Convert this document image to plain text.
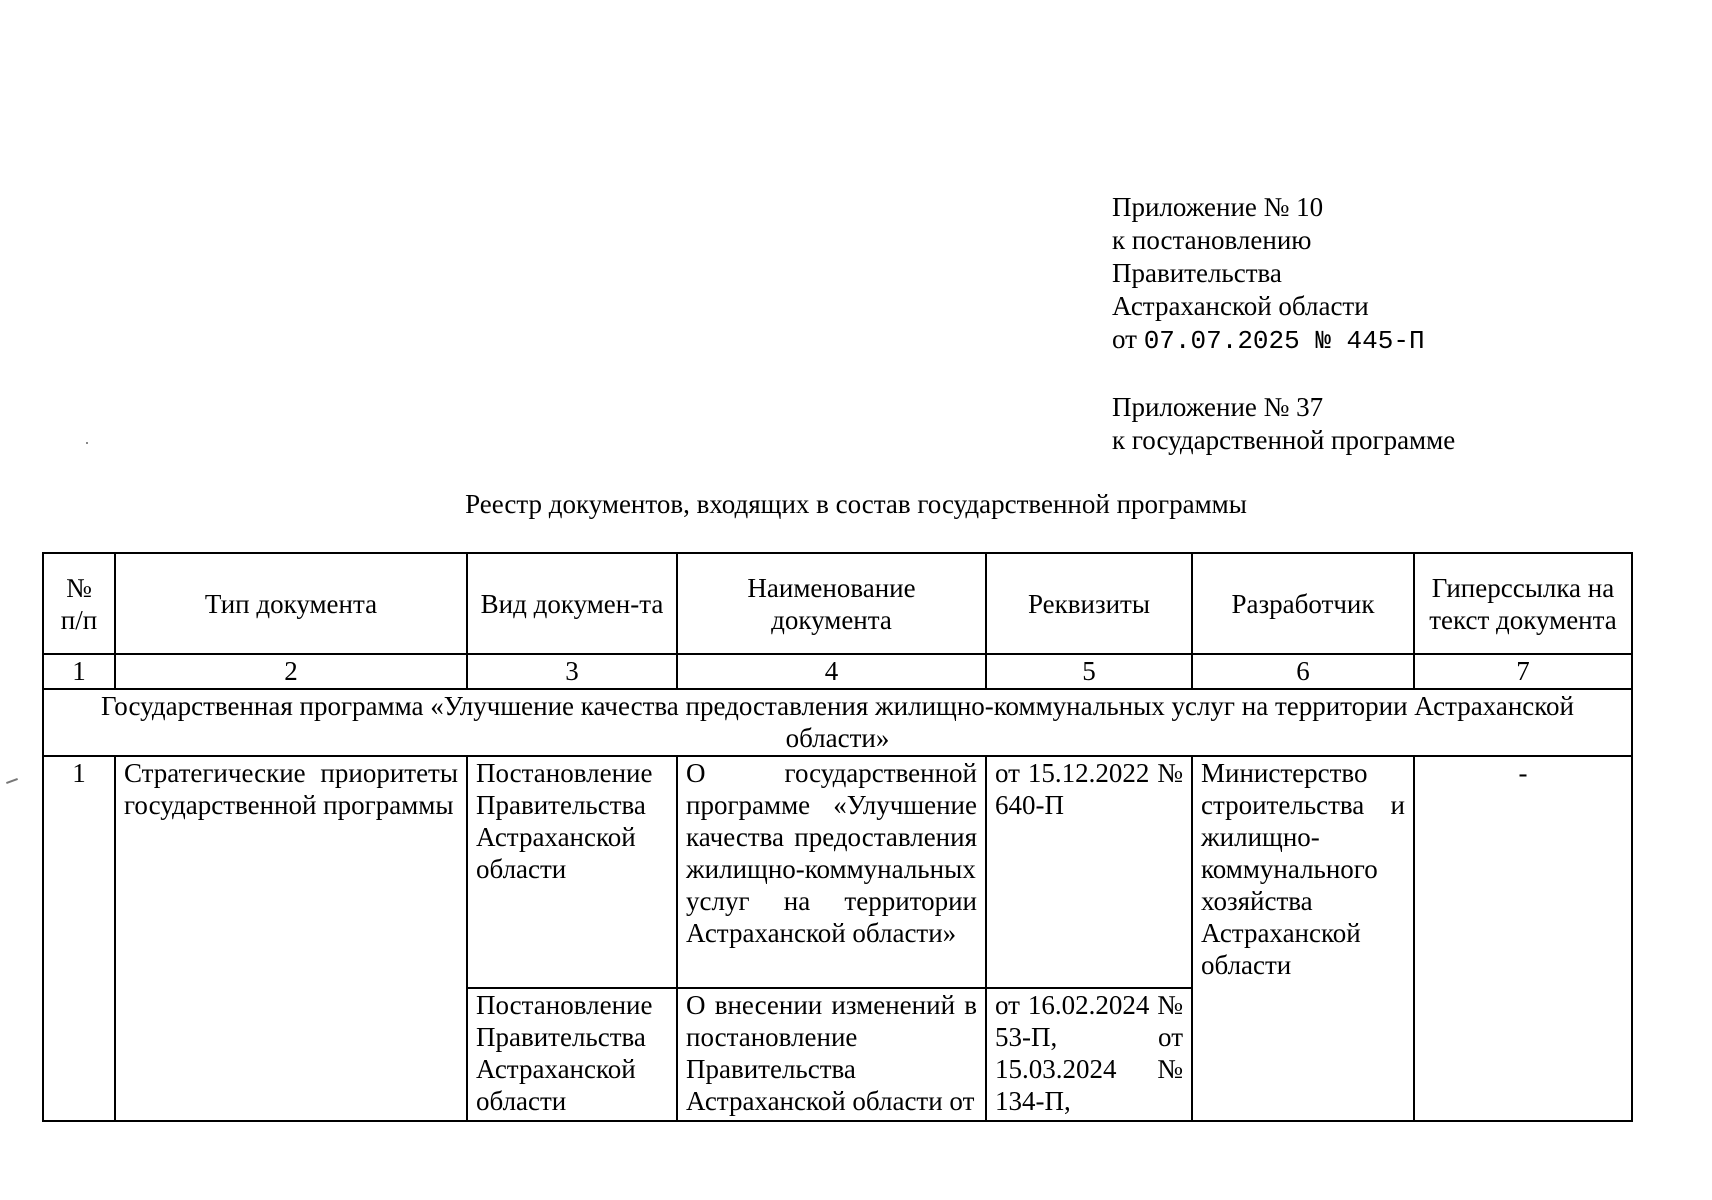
Приложение № 10
к постановлению
Правительства
Астраханской области
от 07.07.2025 № 445-П
Приложение № 37
к государственной программе
Реестр документов, входящих в состав государственной программы
№ п/п	Тип документа	Вид докумен-та	Наименование документа	Реквизиты	Разработчик	Гиперссылка на текст документа
1	2	3	4	5	6	7
Государственная программа «Улучшение качества предоставления жилищно-коммунальных услуг на территории Астраханской области»						
1	Стратегические приоритеты государственной программы	Постановление Правительства Астраханской области	О государственной программе «Улучшение качества предоставления жилищно-коммунальных услуг на территории Астраханской области»	от 15.12.2022 № 640-П	Министерство строительства и жилищно-коммунального хозяйства Астраханской области	-
		Постановление Правительства Астраханской области	О внесении изменений в постановление Правительства Астраханской области от	от 16.02.2024 № 53-П, от 15.03.2024 № 134-П,		
